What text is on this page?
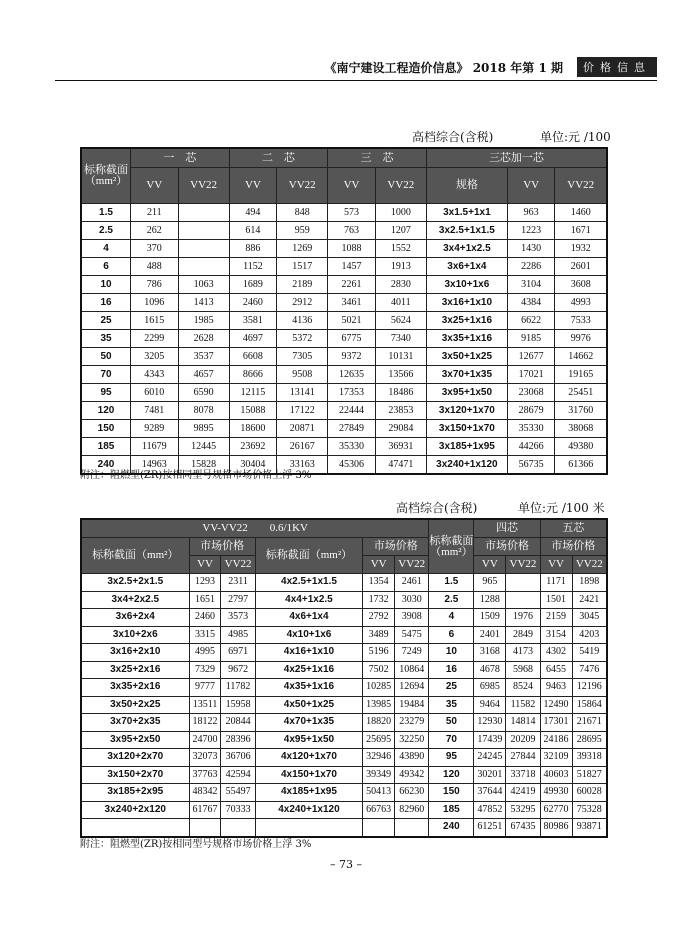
《南宁建设工程造价信息》 2018 年第 1 期	价格信息
高档综合(含税)	单位:元 /100
标称截面（mm²）	一　芯		二　芯		三　芯		三芯加一芯		
	VV	VV22	VV	VV22	VV	VV22	规格	VV	VV22
1.5	211		494	848	573	1000	3x1.5+1x1	963	1460
2.5	262		614	959	763	1207	3x2.5+1x1.5	1223	1671
4	370		886	1269	1088	1552	3x4+1x2.5	1430	1932
6	488		1152	1517	1457	1913	3x6+1x4	2286	2601
10	786	1063	1689	2189	2261	2830	3x10+1x6	3104	3608
16	1096	1413	2460	2912	3461	4011	3x16+1x10	4384	4993
25	1615	1985	3581	4136	5021	5624	3x25+1x16	6622	7533
35	2299	2628	4697	5372	6775	7340	3x35+1x16	9185	9976
50	3205	3537	6608	7305	9372	10131	3x50+1x25	12677	14662
70	4343	4657	8666	9508	12635	13566	3x70+1x35	17021	19165
95	6010	6590	12115	13141	17353	18486	3x95+1x50	23068	25451
120	7481	8078	15088	17122	22444	23853	3x120+1x70	28679	31760
150	9289	9895	18600	20871	27849	29084	3x150+1x70	35330	38068
185	11679	12445	23692	26167	35330	36931	3x185+1x95	44266	49380
240	14963	15828	30404	33163	45306	47471	3x240+1x120	56735	61366
附注：阻燃型(ZR)按相同型号规格市场价格上浮 3%
高档综合(含税)	单位:元 /100 米
VV-VV22　　0.6/1KV						标称截面（mm²）	四芯		五芯	
标称截面（mm²）	市场价格		标称截面（mm²）	市场价格			市场价格		市场价格	
	VV	VV22		VV	VV22		VV	VV22	VV	VV22
3x2.5+2x1.5	1293	2311	4x2.5+1x1.5	1354	2461	1.5	965		1171	1898
3x4+2x2.5	1651	2797	4x4+1x2.5	1732	3030	2.5	1288		1501	2421
3x6+2x4	2460	3573	4x6+1x4	2792	3908	4	1509	1976	2159	3045
3x10+2x6	3315	4985	4x10+1x6	3489	5475	6	2401	2849	3154	4203
3x16+2x10	4995	6971	4x16+1x10	5196	7249	10	3168	4173	4302	5419
3x25+2x16	7329	9672	4x25+1x16	7502	10864	16	4678	5968	6455	7476
3x35+2x16	9777	11782	4x35+1x16	10285	12694	25	6985	8524	9463	12196
3x50+2x25	13511	15958	4x50+1x25	13985	19484	35	9464	11582	12490	15864
3x70+2x35	18122	20844	4x70+1x35	18820	23279	50	12930	14814	17301	21671
3x95+2x50	24700	28396	4x95+1x50	25695	32250	70	17439	20209	24186	28695
3x120+2x70	32073	36706	4x120+1x70	32946	43890	95	24245	27844	32109	39318
3x150+2x70	37763	42594	4x150+1x70	39349	49342	120	30201	33718	40603	51827
3x185+2x95	48342	55497	4x185+1x95	50413	66230	150	37644	42419	49930	60028
3x240+2x120	61767	70333	4x240+1x120	66763	82960	185	47852	53295	62770	75328
						240	61251	67435	80986	93871
附注：阻燃型(ZR)按相同型号规格市场价格上浮 3%
– 73 –
